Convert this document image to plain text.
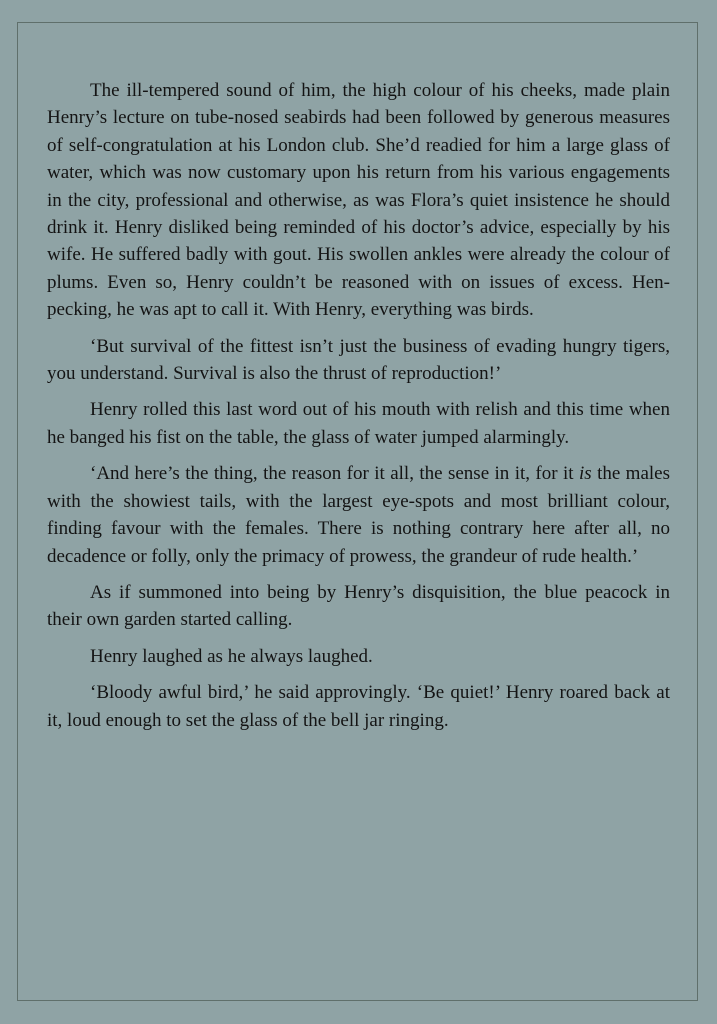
The ill-tempered sound of him, the high colour of his cheeks, made plain Henry’s lecture on tube-nosed seabirds had been followed by generous measures of self-congratulation at his London club. She’d readied for him a large glass of water, which was now customary upon his return from his various engagements in the city, professional and otherwise, as was Flora’s quiet insistence he should drink it. Henry disliked being reminded of his doctor’s advice, especially by his wife. He suffered badly with gout. His swollen ankles were already the colour of plums. Even so, Henry couldn’t be reasoned with on issues of excess. Hen-pecking, he was apt to call it. With Henry, everything was birds.

‘But survival of the fittest isn’t just the business of evading hungry tigers, you understand. Survival is also the thrust of reproduction!’

Henry rolled this last word out of his mouth with relish and this time when he banged his fist on the table, the glass of water jumped alarmingly.

‘And here’s the thing, the reason for it all, the sense in it, for it is the males with the showiest tails, with the largest eye-spots and most brilliant colour, finding favour with the females. There is nothing contrary here after all, no decadence or folly, only the primacy of prowess, the grandeur of rude health.’

As if summoned into being by Henry’s disquisition, the blue peacock in their own garden started calling.

Henry laughed as he always laughed.

‘Bloody awful bird,’ he said approvingly. ‘Be quiet!’ Henry roared back at it, loud enough to set the glass of the bell jar ringing.
